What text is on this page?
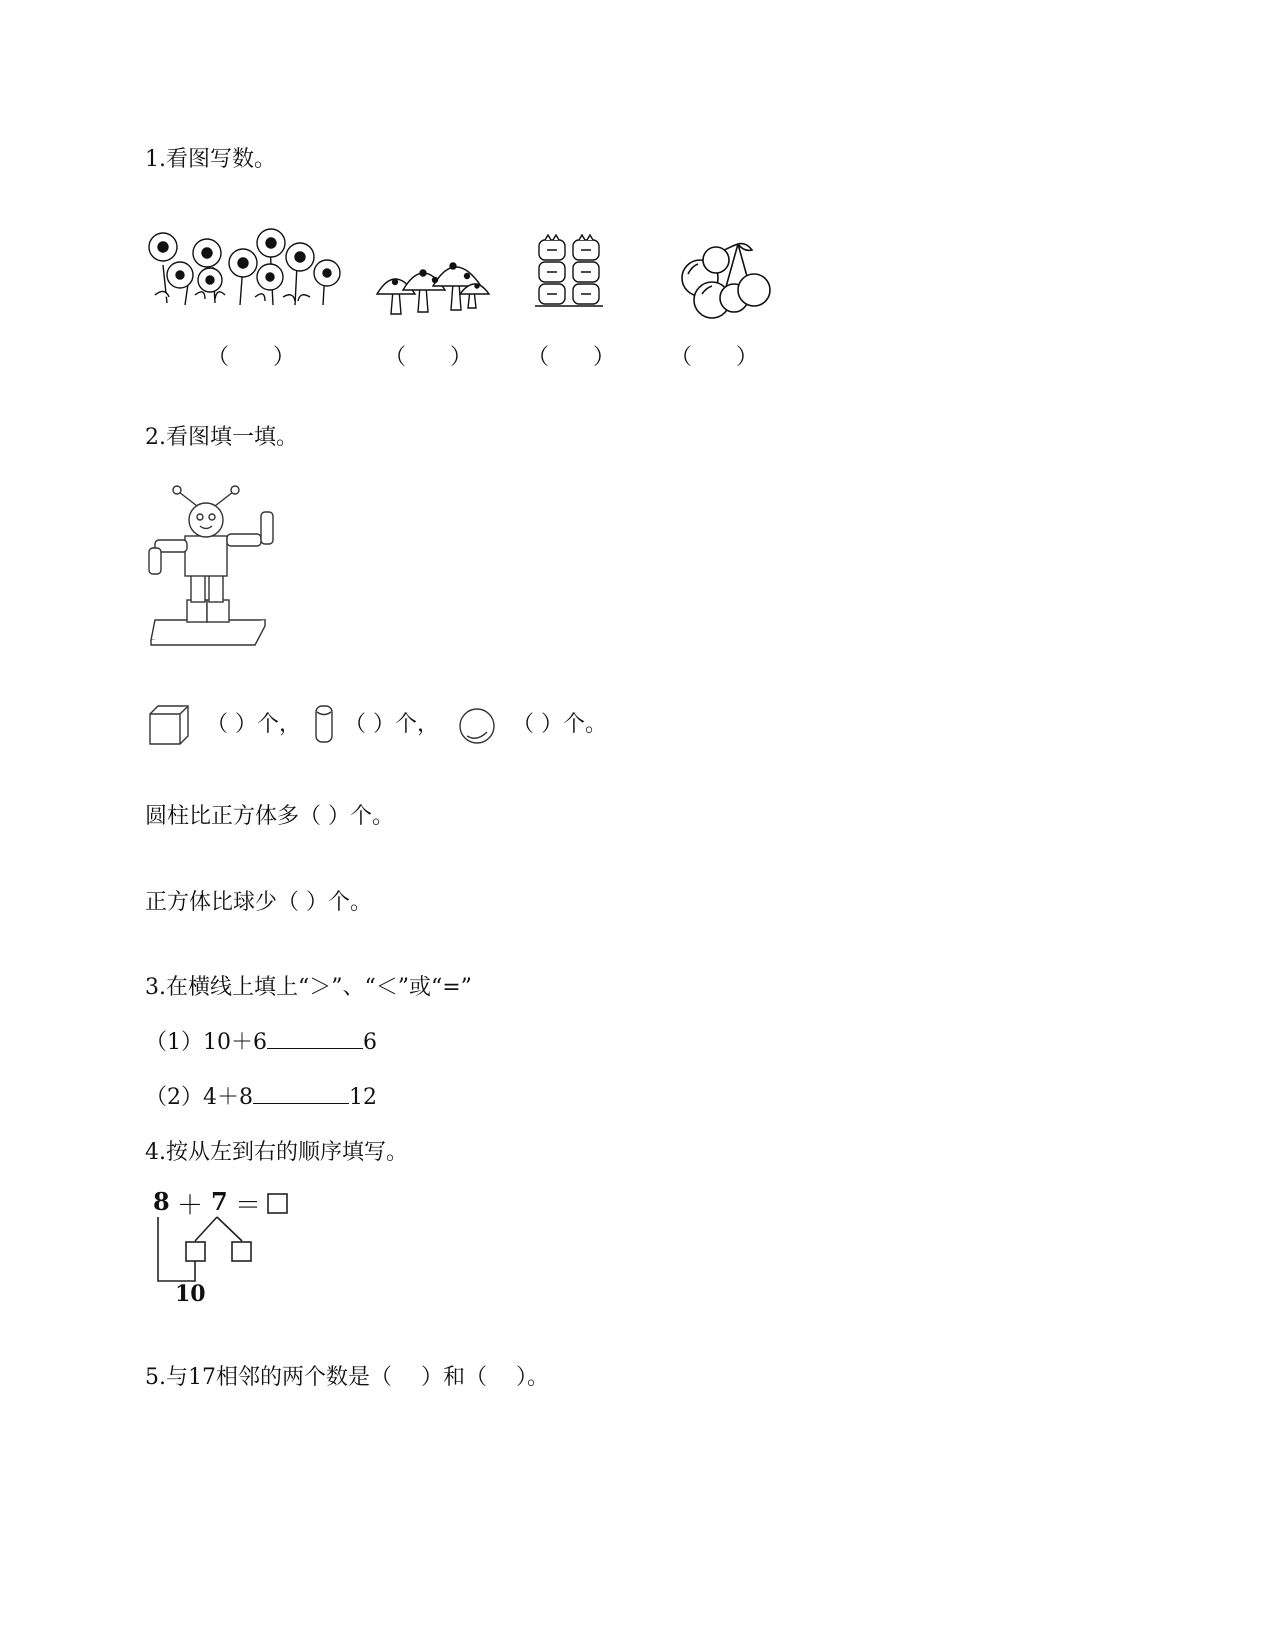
1.看图写数。
（　　）	（　　） （　　） （　　）
2.看图填一填。
（ ）个， （ ）个，	（ ）个。
圆柱比正方体多（ ）个。
正方体比球少（ ）个。
3.在横线上填上“＞”、“＜”或“=”
（1）10＋6	6
（2）4＋8	12
4.按从左到右的顺序填写。
8 ＋ 7 ＝
10
5.与17相邻的两个数是（　 ）和（　 ）。
